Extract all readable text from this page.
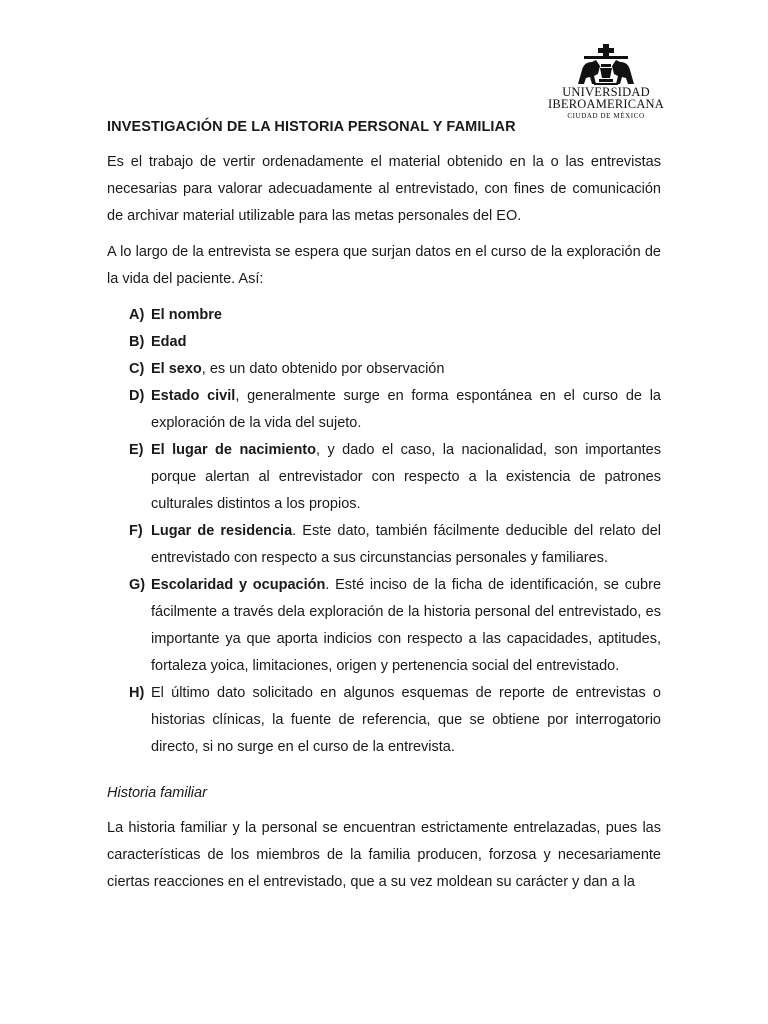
UNIVERSIDAD
IBEROAMERICANA
CIUDAD DE MÉXICO
INVESTIGACIÓN DE LA HISTORIA PERSONAL Y FAMILIAR

Es el trabajo de vertir ordenadamente el material obtenido en la o las entrevistas necesarias para valorar adecuadamente al entrevistado, con fines de comunicación de archivar material utilizable para las metas personales del EO.

A lo largo de la entrevista se espera que surjan datos en el curso de la exploración de la vida del paciente. Así:

A) El nombre
B) Edad
C) El sexo, es un dato obtenido por observación
D) Estado civil, generalmente surge en forma espontánea en el curso de la exploración de la vida del sujeto.
E) El lugar de nacimiento, y dado el caso, la nacionalidad, son importantes porque alertan al entrevistador con respecto a la existencia de patrones culturales distintos a los propios.
F) Lugar de residencia. Este dato, también fácilmente deducible del relato del entrevistado con respecto a sus circunstancias personales y familiares.
G) Escolaridad y ocupación. Esté inciso de la ficha de identificación, se cubre fácilmente a través dela exploración de la historia personal del entrevistado, es importante ya que aporta indicios con respecto a las capacidades, aptitudes, fortaleza yoica, limitaciones, origen y pertenencia social del entrevistado.
H) El último dato solicitado en algunos esquemas de reporte de entrevistas o historias clínicas, la fuente de referencia, que se obtiene por interrogatorio directo, si no surge en el curso de la entrevista.
Historia familiar

La historia familiar y la personal se encuentran estrictamente entrelazadas, pues las características de los miembros de la familia producen, forzosa y necesariamente ciertas reacciones en el entrevistado, que a su vez moldean su carácter y dan a la
